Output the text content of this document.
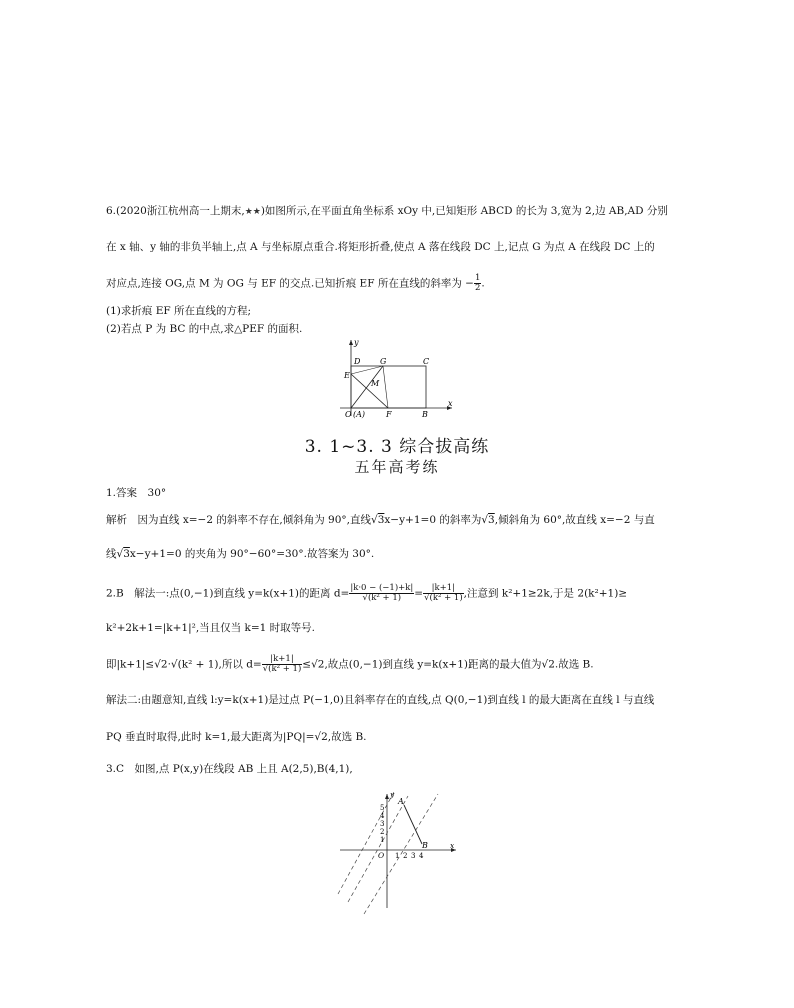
6.(2020浙江杭州高一上期末,★★)如图所示,在平面直角坐标系 xOy 中,已知矩形 ABCD 的长为 3,宽为 2,边 AB,AD 分别
在 x 轴、y 轴的非负半轴上,点 A 与坐标原点重合.将矩形折叠,使点 A 落在线段 DC 上,记点 G 为点 A 在线段 DC 上的
对应点,连接 OG,点 M 为 OG 与 EF 的交点.已知折痕 EF 所在直线的斜率为 − $\frac{1}{2}$ .
(1)求折痕 EF 所在直线的方程;
(2)若点 P 为 BC 的中点,求△PEF 的面积.
y
x
D G	C
E
M
O (A)	F	B
3. 1~3. 3 综合拔高练
五年高考练
1.答案　30°
解析　因为直线 x=−2 的斜率不存在,倾斜角为 90°,直线√3x−y+1=0 的斜率为√3,倾斜角为 60°,故直线 x=−2 与直
线√3x−y+1=0 的夹角为 90°−60°=30°.故答案为 30°.
2.B　解法一:点(0,−1)到直线 y=k(x+1)的距离 $d= \frac{|k\cdot 0 - (-1)+k|}{\text{√(k² + 1)}} = \frac{|k+1|}{\text{√(k² + 1)}}$ ,注意到 k²+1≥2k,于是 2(k²+1)≥
k²+2k+1=|k+1|²,当且仅当 k=1 时取等号.
即|k+1|≤√2·√(k² + 1),所以 $d= \frac{|k+1|}{\text{√(k² + 1)}} \le√2$,故点(0,−1)到直线 y=k(x+1)距离的最大值为√2.故选 B.
解法二:由题意知,直线 l:y=k(x+1)是过点 P(−1,0)且斜率存在的直线,点 Q(0,−1)到直线 l 的最大距离在直线 l 与直线
PQ 垂直时取得,此时 k=1,最大距离为|PQ|=√2,故选 B.
3.C　如图,点 P(x,y)在线段 AB 上且 A(2,5),B(4,1),
A
B
O
y
x
5
4
3
2
1
1 2 3 4
